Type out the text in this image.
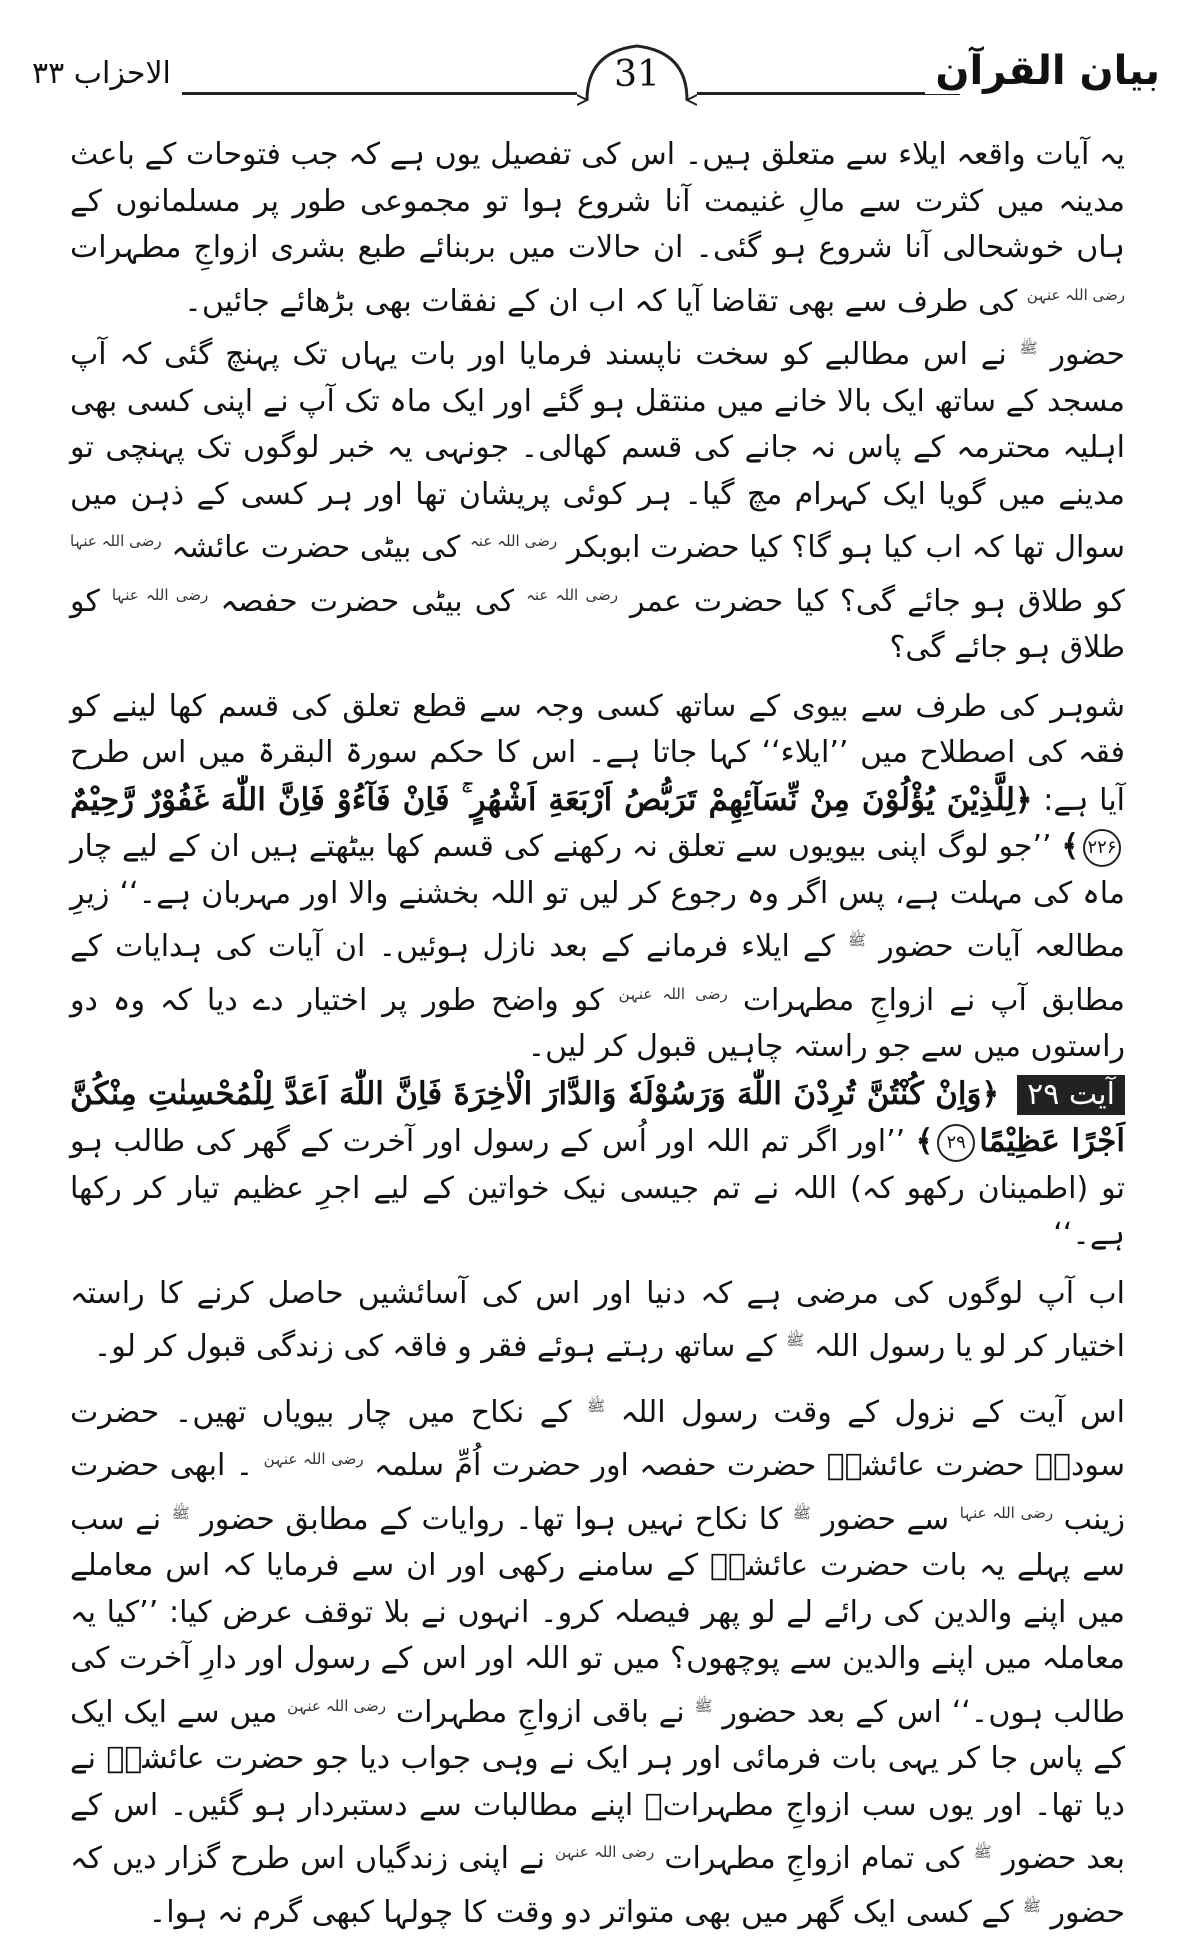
بیان القرآن
الاحزاب ۳۳	31

یہ آیات واقعہ ایلاء سے متعلق ہیں۔ اس کی تفصیل یوں ہے کہ جب فتوحات کے باعث مدینہ میں کثرت سے مالِ غنیمت آنا شروع ہوا تو مجموعی طور پر مسلمانوں کے ہاں خوشحالی آنا شروع ہو گئی۔ ان حالات میں بربنائے طبع بشری ازواجِ مطہرات $^{رضی اللہ عنہن}$ کی طرف سے بھی تقاضا آیا کہ اب ان کے نفقات بھی بڑھائے جائیں۔

حضور $^ﷺ$ نے اس مطالبے کو سخت ناپسند فرمایا اور بات یہاں تک پہنچ گئی کہ آپ مسجد کے ساتھ ایک بالا خانے میں منتقل ہو گئے اور ایک ماہ تک آپ نے اپنی کسی بھی اہلیہ محترمہ کے پاس نہ جانے کی قسم کھالی۔ جونہی یہ خبر لوگوں تک پہنچی تو مدینے میں گویا ایک کہرام مچ گیا۔ ہر کوئی پریشان تھا اور ہر کسی کے ذہن میں سوال تھا کہ اب کیا ہو گا؟ کیا حضرت ابوبکر $^{رضی اللہ عنہ}$ کی بیٹی حضرت عائشہ $^{رضی اللہ عنہا}$ کو طلاق ہو جائے گی؟ کیا حضرت عمر $^{رضی اللہ عنہ}$ کی بیٹی حضرت حفصہ $^{رضی اللہ عنہا}$ کو طلاق ہو جائے گی؟

شوہر کی طرف سے بیوی کے ساتھ کسی وجہ سے قطع تعلق کی قسم کھا لینے کو فقہ کی اصطلاح میں ’’ایلاء‘‘ کہا جاتا ہے۔ اس کا حکم سورۃ البقرۃ میں اس طرح آیا ہے: ﴿لِلَّذِیْنَ یُؤْلُوْنَ مِنْ نِّسَآئِهِمْ تَرَبُّصُ اَرْبَعَةِ اَشْهُرٍ ۚ فَاِنْ فَآءُوْ فَاِنَّ اللّٰهَ غَفُوْرٌ رَّحِیْمٌ۲۲۶﴾ ’’جو لوگ اپنی بیویوں سے تعلق نہ رکھنے کی قسم کھا بیٹھتے ہیں ان کے لیے چار ماہ کی مہلت ہے، پس اگر وہ رجوع کر لیں تو اللہ بخشنے والا اور مہربان ہے۔‘‘ زیرِ مطالعہ آیات حضور $^ﷺ$ کے ایلاء فرمانے کے بعد نازل ہوئیں۔ ان آیات کی ہدایات کے مطابق آپ نے ازواجِ مطہرات $^{رضی اللہ عنہن}$ کو واضح طور پر اختیار دے دیا کہ وہ دو راستوں میں سے جو راستہ چاہیں قبول کر لیں۔

آیت ۲۹ ﴿وَاِنْ كُنْتُنَّ تُرِدْنَ اللّٰهَ وَرَسُوْلَهٗ وَالدَّارَ الْاٰخِرَةَ فَاِنَّ اللّٰهَ اَعَدَّ لِلْمُحْسِنٰتِ مِنْكُنَّ اَجْرًا عَظِیْمًا۲۹﴾ ’’اور اگر تم اللہ اور اُس کے رسول اور آخرت کے گھر کی طالب ہو تو (اطمینان رکھو کہ) اللہ نے تم جیسی نیک خواتین کے لیے اجرِ عظیم تیار کر رکھا ہے۔‘‘

اب آپ لوگوں کی مرضی ہے کہ دنیا اور اس کی آسائشیں حاصل کرنے کا راستہ اختیار کر لو یا رسول اللہ $^ﷺ$ کے ساتھ رہتے ہوئے فقر و فاقہ کی زندگی قبول کر لو۔

اس آیت کے نزول کے وقت رسول اللہ $^ﷺ$ کے نکاح میں چار بیویاں تھیں۔ حضرت سودہؓ حضرت عائشہؓ حضرت حفصہ اور حضرت اُمِّ سلمہ $^{رضی اللہ عنہن}$ ۔ ابھی حضرت زینب $^{رضی اللہ عنہا}$ سے حضور $^ﷺ$ کا نکاح نہیں ہوا تھا۔ روایات کے مطابق حضور $^ﷺ$ نے سب سے پہلے یہ بات حضرت عائشہؓ کے سامنے رکھی اور ان سے فرمایا کہ اس معاملے میں اپنے والدین کی رائے لے لو پھر فیصلہ کرو۔ انہوں نے بلا توقف عرض کیا: ’’کیا یہ معاملہ میں اپنے والدین سے پوچھوں؟ میں تو اللہ اور اس کے رسول اور دارِ آخرت کی طالب ہوں۔‘‘ اس کے بعد حضور $^ﷺ$ نے باقی ازواجِ مطہرات $^{رضی اللہ عنہن}$ میں سے ایک ایک کے پاس جا کر یہی بات فرمائی اور ہر ایک نے وہی جواب دیا جو حضرت عائشہؓ نے دیا تھا۔ اور یوں سب ازواجِ مطہراتؓ اپنے مطالبات سے دستبردار ہو گئیں۔ اس کے بعد حضور $^ﷺ$ کی تمام ازواجِ مطہرات $^{رضی اللہ عنہن}$ نے اپنی زندگیاں اس طرح گزار دیں کہ حضور $^ﷺ$ کے کسی ایک گھر میں بھی متواتر دو وقت کا چولہا کبھی گرم نہ ہوا۔
